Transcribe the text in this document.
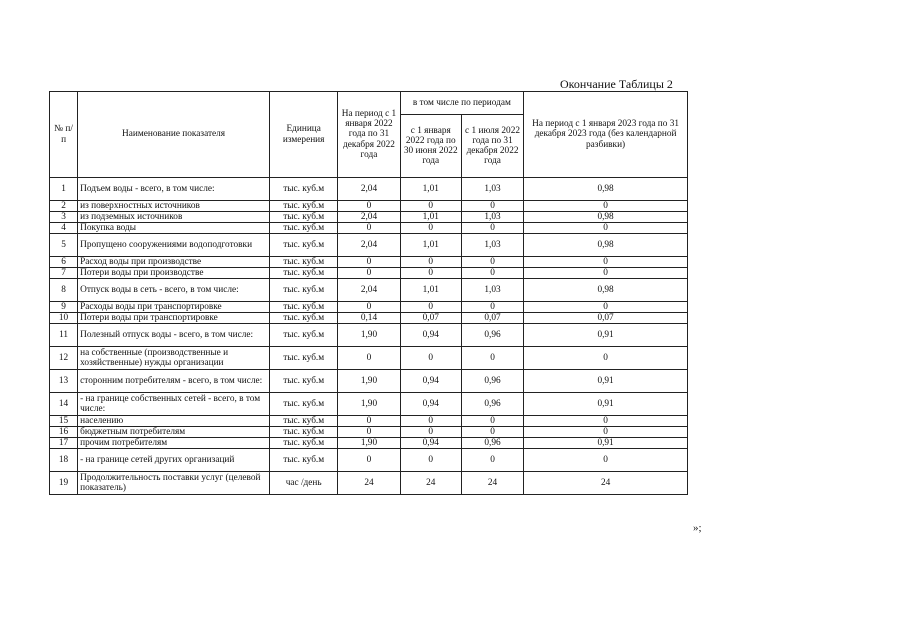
Окончание Таблицы 2
№ п/п	Наименование показателя	Единица измерения	На период с 1 января 2022 года по 31 декабря 2022 года	в том числе по периодам		На период с 1 января 2023 года по 31 декабря 2023 года (без календарной разбивки)
				с 1 января 2022 года по 30 июня 2022 года	с 1 июля 2022 года по 31 декабря 2022 года	
1	Подъем воды - всего, в том числе:	тыс. куб.м	2,04	1,01	1,03	0,98
2	из поверхностных источников	тыс. куб.м	0	0	0	0
3	из подземных источников	тыс. куб.м	2,04	1,01	1,03	0,98
4	Покупка воды	тыс. куб.м	0	0	0	0
5	Пропущено сооружениями водоподготовки	тыс. куб.м	2,04	1,01	1,03	0,98
6	Расход воды при производстве	тыс. куб.м	0	0	0	0
7	Потери воды при производстве	тыс. куб.м	0	0	0	0
8	Отпуск воды в сеть - всего, в том числе:	тыс. куб.м	2,04	1,01	1,03	0,98
9	Расходы воды при транспортировке	тыс. куб.м	0	0	0	0
10	Потери воды при транспортировке	тыс. куб.м	0,14	0,07	0,07	0,07
11	Полезный отпуск воды - всего, в том числе:	тыс. куб.м	1,90	0,94	0,96	0,91
12	на собственные (производственные и хозяйственные) нужды организации	тыс. куб.м	0	0	0	0
13	сторонним потребителям - всего, в том числе:	тыс. куб.м	1,90	0,94	0,96	0,91
14	- на границе собственных сетей - всего, в том числе:	тыс. куб.м	1,90	0,94	0,96	0,91
15	населению	тыс. куб.м	0	0	0	0
16	бюджетным потребителям	тыс. куб.м	0	0	0	0
17	прочим потребителям	тыс. куб.м	1,90	0,94	0,96	0,91
18	- на границе сетей других организаций	тыс. куб.м	0	0	0	0
19	Продолжительность поставки услуг (целевой показатель)	час /день	24	24	24	24
»;
